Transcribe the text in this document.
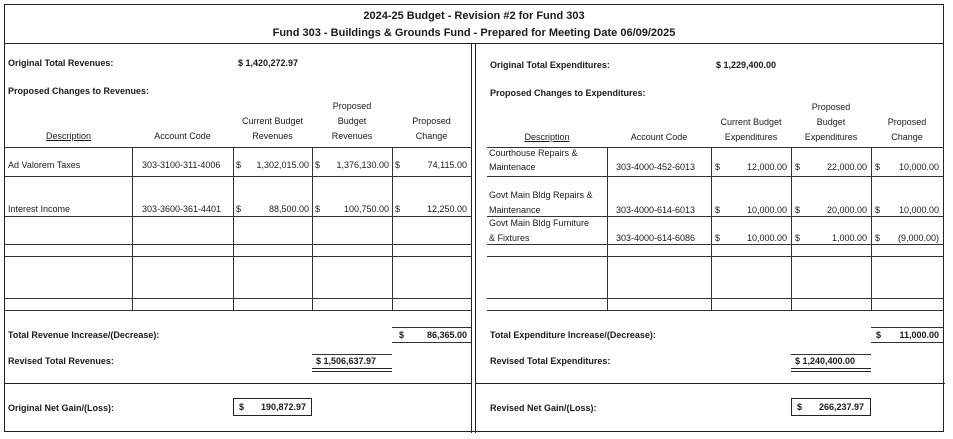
2024-25 Budget - Revision #2 for Fund 303
Fund 303 - Buildings & Grounds Fund - Prepared for Meeting Date 06/09/2025
Original Total Revenues:	$ 1,420,272.97
Proposed Changes to Revenues:
Description	Account Code
Current Budget
Revenues
Proposed
Budget
Revenues
Proposed
Change
Ad Valorem Taxes	303-3100-311-4006 $	1,302,015.00 $	1,376,130.00 $	74,115.00
Interest Income	303-3600-361-4401 $	88,500.00 $	100,750.00 $	12,250.00
Total Revenue Increase/(Decrease):	$	86,365.00
Revised Total Revenues:	$ 1,506,637.97
Original Net Gain/(Loss):	$	190,872.97
Original Total Expenditures:	$ 1,229,400.00
Proposed Changes to Expenditures:
Description	Account Code
Current Budget
Expenditures
Proposed
Budget
Expenditures
Proposed
Change
Courthouse Repairs &
Maintenace	303-4000-452-6013 $	12,000.00 $	22,000.00 $	10,000.00
Govt Main Bldg Repairs &
Maintenance	303-4000-614-6013 $	10,000.00 $	20,000.00 $	10,000.00
Govt Main Bldg Furniture
& Fixtures	303-4000-614-6086 $	10,000.00 $	1,000.00 $	(9,000.00)
Total Expenditure Increase/(Decrease):	$	11,000.00
Revised Total Expenditures:	$ 1,240,400.00
Revised Net Gain/(Loss):	$	266,237.97
